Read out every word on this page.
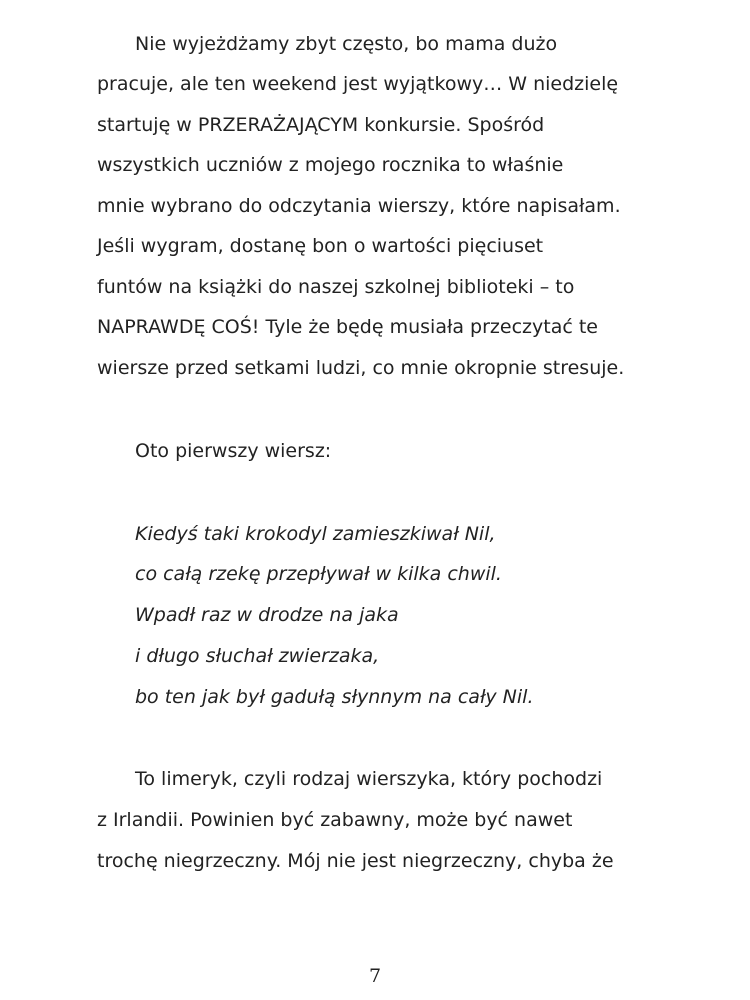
Nie wyjeżdżamy zbyt często, bo mama dużo
pracuje, ale ten weekend jest wyjątkowy… W niedzielę
startuję w PRZERAŻAJĄCYM konkursie. Spośród
wszystkich uczniów z mojego rocznika to właśnie
mnie wybrano do odczytania wierszy, które napisałam.
Jeśli wygram, dostanę bon o wartości pięciuset
funtów na książki do naszej szkolnej biblioteki – to
NAPRAWDĘ COŚ! Tyle że będę musiała przeczytać te
wiersze przed setkami ludzi, co mnie okropnie stresuje.
Oto pierwszy wiersz:
Kiedyś taki krokodyl zamieszkiwał Nil,
co całą rzekę przepływał w kilka chwil.
Wpadł raz w drodze na jaka
i długo słuchał zwierzaka,
bo ten jak był gadułą słynnym na cały Nil.
To limeryk, czyli rodzaj wierszyka, który pochodzi
z Irlandii. Powinien być zabawny, może być nawet
trochę niegrzeczny. Mój nie jest niegrzeczny, chyba że
7
